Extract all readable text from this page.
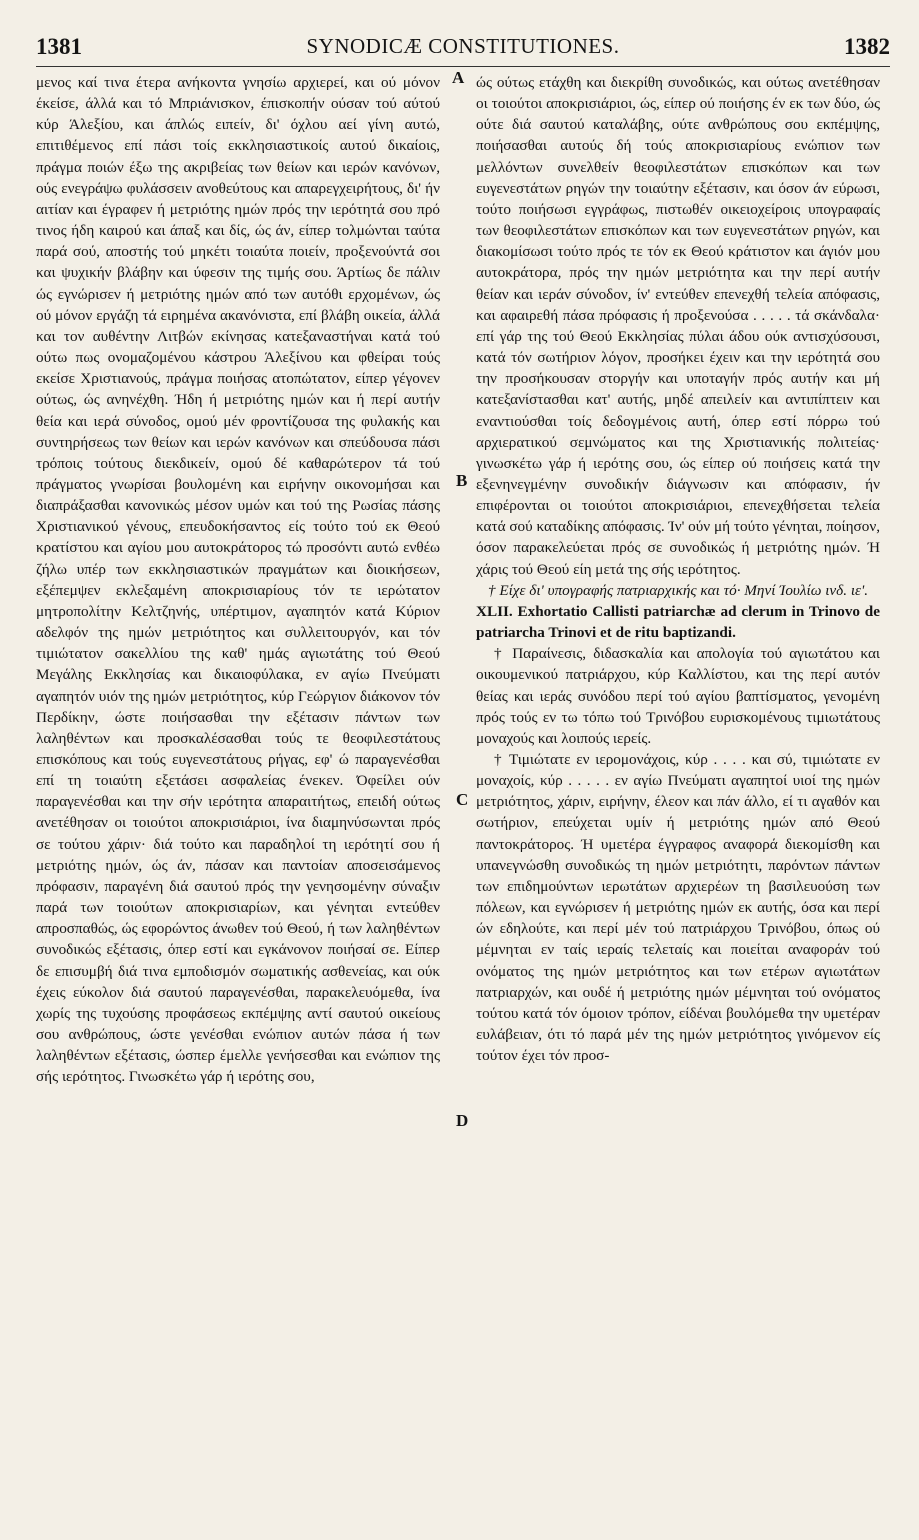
1381	SYNODICÆ CONSTITUTIONES.	1382
A
B
C
D

μενος καί τινα έτερα ανήκοντα γνησίω αρχιερεί, και ού μόνον έκείσε, άλλά και τό Μπριάνισκον, έπισκοπήν ούσαν τού αύτού κύρ Άλεξίου, και άπλώς ειπείν, δι' όχλου αεί γίνη αυτώ, επιτιθέμενος επί πάσι τοίς εκκλησιαστικοίς αυτού δικαίοις, πράγμα ποιών έξω της ακριβείας των θείων και ιερών κανόνων, ούς ενεγράψω φυλάσσειν ανοθεύτους και απαρεγχειρήτους, δι' ήν αιτίαν και έγραφεν ή μετριότης ημών πρός την ιερότητά σου πρό τινος ήδη καιρού και άπαξ και δίς, ώς άν, είπερ τολμώνται ταύτα παρά σού, αποστής τού μηκέτι τοιαύτα ποιείν, προξενούντά σοι και ψυχικήν βλάβην και ύφεσιν της τιμής σου. Άρτίως δε πάλιν ώς εγνώρισεν ή μετριότης ημών από των αυτόθι ερχομένων, ώς ού μόνον εργάζη τά ειρημένα ακανόνιστα, επί βλάβη οικεία, άλλά και τον αυθέντην Λιτβών εκίνησας κατεξαναστήναι κατά τού ούτω πως ονομαζομένου κάστρου Άλεξίνου και φθείραι τούς εκείσε Χριστιανούς, πράγμα ποιήσας ατοπώτατον, είπερ γέγονεν ούτως, ώς ανηνέχθη. Ήδη ή μετριότης ημών και ή περί αυτήν θεία και ιερά σύνοδος, ομού μέν φροντίζουσα της φυλακής και συντηρήσεως των θείων και ιερών κανόνων και σπεύδουσα πάσι τρόποις τούτους διεκδικείν, ομού δέ καθαρώτερον τά τού πράγματος γνωρίσαι βουλομένη και ειρήνην οικονομήσαι και διαπράξασθαι κανονικώς μέσον υμών και τού της Ρωσίας πάσης Χριστιανικού γένους, επευδοκήσαντος είς τούτο τού εκ Θεού κρατίστου και αγίου μου αυτοκράτορος τώ προσόντι αυτώ ενθέω ζήλω υπέρ των εκκλησιαστικών πραγμάτων και διοικήσεων, εξέπεμψεν εκλεξαμένη αποκρισιαρίους τόν τε ιερώτατον μητροπολίτην Κελτζηνής, υπέρτιμον, αγαπητόν κατά Κύριον αδελφόν της ημών μετριότητος και συλλειτουργόν, και τόν τιμιώτατον σακελλίου της καθ' ημάς αγιωτάτης τού Θεού Μεγάλης Εκκλησίας και δικαιοφύλακα, εν αγίω Πνεύματι αγαπητόν υιόν της ημών μετριότητος, κύρ Γεώργιον διάκονον τόν Περδίκην, ώστε ποιήσασθαι την εξέτασιν πάντων των λαληθέντων και προσκαλέσασθαι τούς τε θεοφιλεστάτους επισκόπους και τούς ευγενεστάτους ρήγας, εφ' ώ παραγενέσθαι επί τη τοιαύτη εξετάσει ασφαλείας ένεκεν. Όφείλει ούν παραγενέσθαι και την σήν ιερότητα απαραιτήτως, επειδή ούτως ανετέθησαν οι τοιούτοι αποκρισιάριοι, ίνα διαμηνύσωνται πρός σε τούτου χάριν· διά τούτο και παραδηλοί τη ιερότητί σου ή μετριότης ημών, ώς άν, πάσαν και παντοίαν αποσεισάμενος πρόφασιν, παραγένη διά σαυτού πρός την γενησομένην σύναξιν παρά των τοιούτων αποκρισιαρίων, και γένηται εντεύθεν απροσπαθώς, ώς εφορώντος άνωθεν τού Θεού, ή των λαληθέντων συνοδικώς εξέτασις, όπερ εστί και εγκάνονον ποιήσαί σε. Είπερ δε επισυμβή διά τινα εμποδισμόν σωματικής ασθενείας, και ούκ έχεις εύκολον διά σαυτού παραγενέσθαι, παρακελευόμεθα, ίνα χωρίς της τυχούσης προφάσεως εκπέμψης αντί σαυτού οικείους σου ανθρώπους, ώστε γενέσθαι ενώπιον αυτών πάσα ή των λαληθέντων εξέτασις, ώσπερ έμελλε γενήσεσθαι και ενώπιον της σής ιερότητος. Γινωσκέτω γάρ ή ιερότης σου,

ώς ούτως ετάχθη και διεκρίθη συνοδικώς, και ούτως ανετέθησαν οι τοιούτοι αποκρισιάριοι, ώς, είπερ ού ποιήσης έν εκ των δύο, ώς ούτε διά σαυτού καταλάβης, ούτε ανθρώπους σου εκπέμψης, ποιήσασθαι αυτούς δή τούς αποκρισιαρίους ενώπιον των μελλόντων συνελθείν θεοφιλεστάτων επισκόπων και των ευγενεστάτων ρηγών την τοιαύτην εξέτασιν, και όσον άν εύρωσι, τούτο ποιήσωσι εγγράφως, πιστωθέν οικειοχείροις υπογραφαίς των θεοφιλεστάτων επισκόπων και των ευγενεστάτων ρηγών, και διακομίσωσι τούτο πρός τε τόν εκ Θεού κράτιστον και άγιόν μου αυτοκράτορα, πρός την ημών μετριότητα και την περί αυτήν θείαν και ιεράν σύνοδον, ίν' εντεύθεν επενεχθή τελεία απόφασις, και αφαιρεθή πάσα πρόφασις ή προξενούσα . . . . . τά σκάνδαλα· επί γάρ της τού Θεού Εκκλησίας πύλαι άδου ούκ αντισχύσουσι, κατά τόν σωτήριον λόγον, προσήκει έχειν και την ιερότητά σου την προσήκουσαν στοργήν και υποταγήν πρός αυτήν και μή κατεξανίστασθαι κατ' αυτής, μηδέ απειλείν και αντιπίπτειν και εναντιούσθαι τοίς δεδογμένοις αυτή, όπερ εστί πόρρω τού αρχιερατικού σεμνώματος και της Χριστιανικής πολιτείας· γινωσκέτω γάρ ή ιερότης σου, ώς είπερ ού ποιήσεις κατά την εξενηνεγμένην συνοδικήν διάγνωσιν και απόφασιν, ήν επιφέρονται οι τοιούτοι αποκρισιάριοι, επενεχθήσεται τελεία κατά σού καταδίκης απόφασις. Ίν' ούν μή τούτο γένηται, ποίησον, όσον παρακελεύεται πρός σε συνοδικώς ή μετριότης ημών. Ή χάρις τού Θεού είη μετά της σής ιερότητος.

† Είχε δι' υπογραφής πατριαρχικής και τό· Μηνί Ίουλίω ινδ. ιε'.

XLII. Exhortatio Callisti patriarchæ ad clerum in Trinovo de patriarcha Trinovi et de ritu baptizandi.

† Παραίνεσις, διδασκαλία και απολογία τού αγιωτάτου και οικουμενικού πατριάρχου, κύρ Καλλίστου, και της περί αυτόν θείας και ιεράς συνόδου περί τού αγίου βαπτίσματος, γενομένη πρός τούς εν τω τόπω τού Τρινόβου ευρισκομένους τιμιωτάτους μοναχούς και λοιπούς ιερείς.

† Τιμιώτατε εν ιερομονάχοις, κύρ . . . . και σύ, τιμιώτατε εν μοναχοίς, κύρ . . . . . εν αγίω Πνεύματι αγαπητοί υιοί της ημών μετριότητος, χάριν, ειρήνην, έλεον και πάν άλλο, εί τι αγαθόν και σωτήριον, επεύχεται υμίν ή μετριότης ημών από Θεού παντοκράτορος. Ή υμετέρα έγγραφος αναφορά διεκομίσθη και υπανεγνώσθη συνοδικώς τη ημών μετριότητι, παρόντων πάντων των επιδημούντων ιερωτάτων αρχιερέων τη βασιλευούση των πόλεων, και εγνώρισεν ή μετριότης ημών εκ αυτής, όσα και περί ών εδηλούτε, και περί μέν τού πατριάρχου Τρινόβου, όπως ού μέμνηται εν ταίς ιεραίς τελεταίς και ποιείται αναφοράν τού ονόματος της ημών μετριότητος και των ετέρων αγιωτάτων πατριαρχών, και ουδέ ή μετριότης ημών μέμνηται τού ονόματος τούτου κατά τόν όμοιον τρόπον, είδέναι βουλόμεθα την υμετέραν ευλάβειαν, ότι τό παρά μέν της ημών μετριότητος γινόμενον είς τούτον έχει τόν προσ-
